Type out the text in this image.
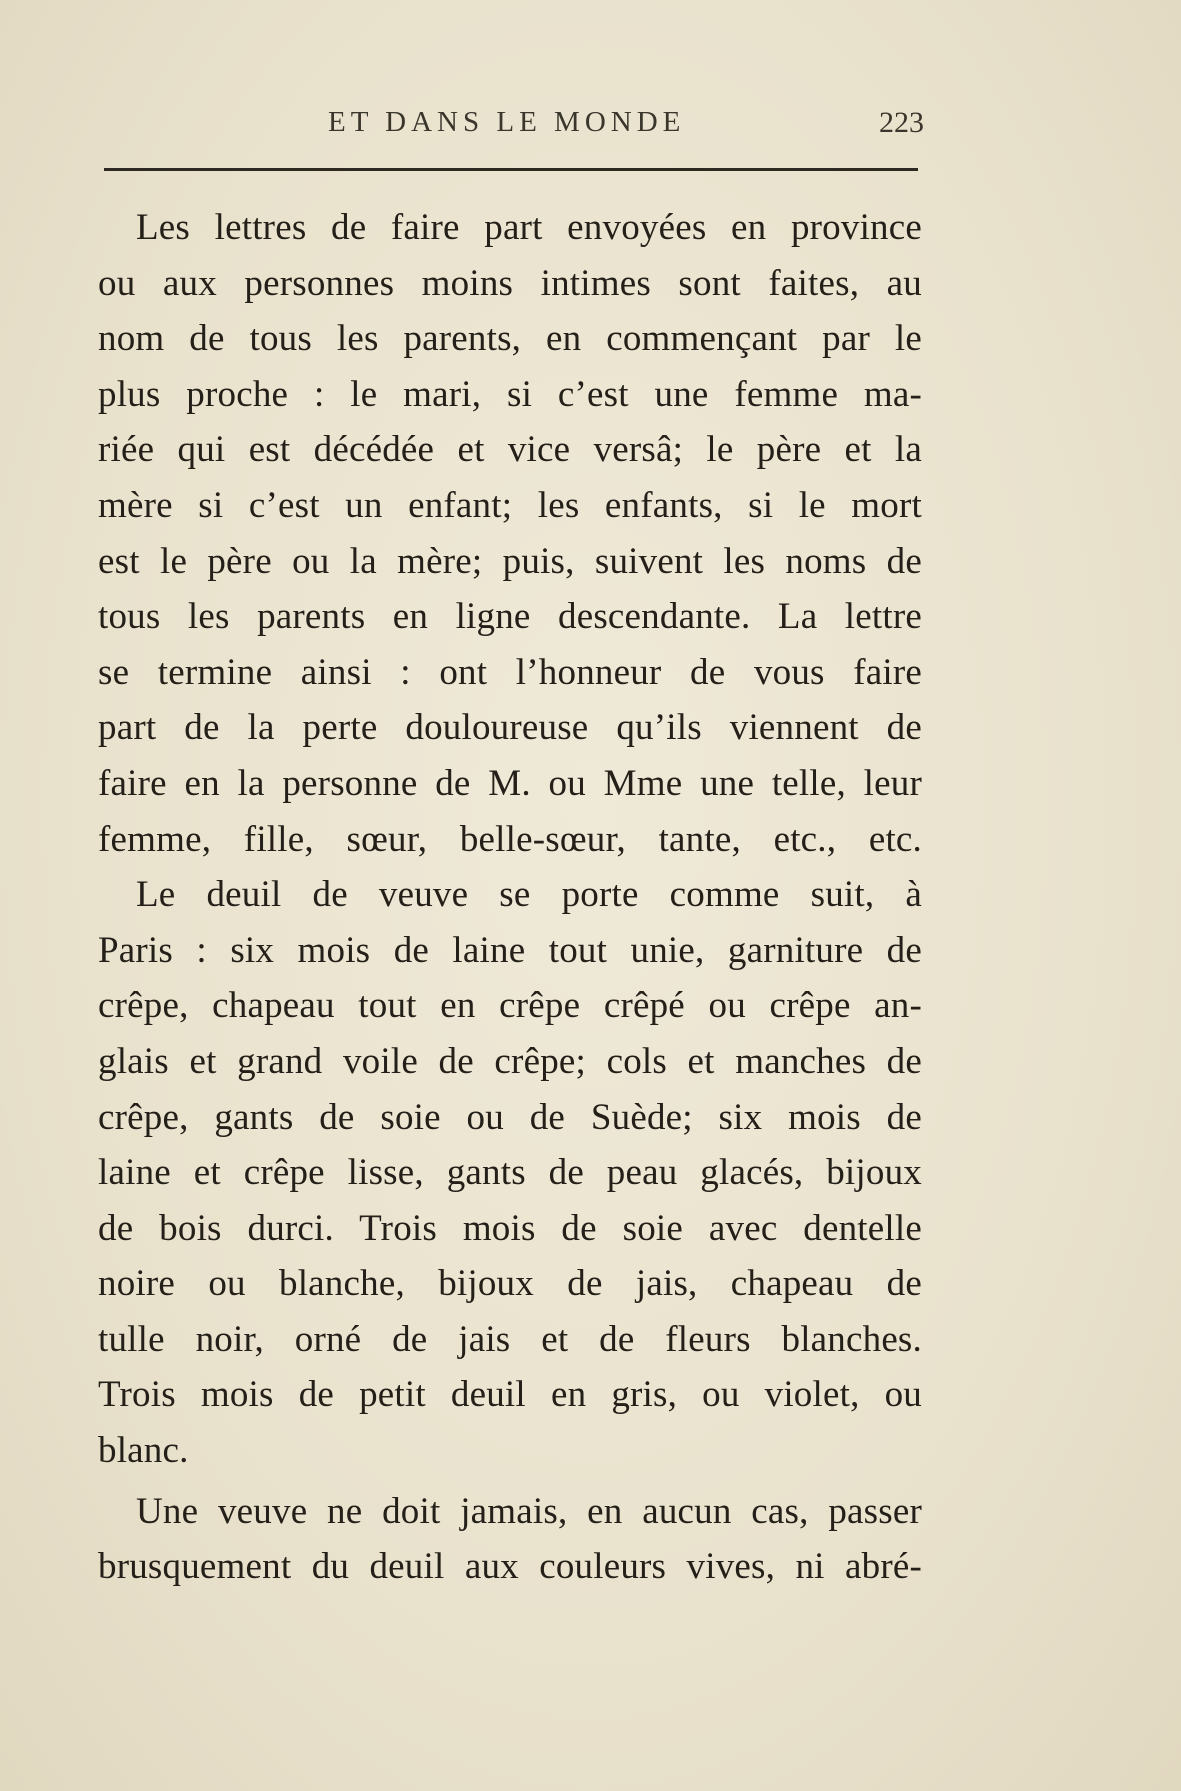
ET DANS LE MONDE	223
Les lettres de faire part envoyées en province
ou aux personnes moins intimes sont faites, au
nom de tous les parents, en commençant par le
plus proche : le mari, si c’est une femme ma-
riée qui est décédée et vice versâ; le père et la
mère si c’est un enfant; les enfants, si le mort
est le père ou la mère; puis, suivent les noms de
tous les parents en ligne descendante. La lettre
se termine ainsi : ont l’honneur de vous faire
part de la perte douloureuse qu’ils viennent de
faire en la personne de M. ou Mme une telle, leur
femme, fille, sœur, belle-sœur, tante, etc., etc.
Le deuil de veuve se porte comme suit, à
Paris : six mois de laine tout unie, garniture de
crêpe, chapeau tout en crêpe crêpé ou crêpe an-
glais et grand voile de crêpe; cols et manches de
crêpe, gants de soie ou de Suède; six mois de
laine et crêpe lisse, gants de peau glacés, bijoux
de bois durci. Trois mois de soie avec dentelle
noire ou blanche, bijoux de jais, chapeau de
tulle noir, orné de jais et de fleurs blanches.
Trois mois de petit deuil en gris, ou violet, ou
blanc.
Une veuve ne doit jamais, en aucun cas, passer
brusquement du deuil aux couleurs vives, ni abré-
